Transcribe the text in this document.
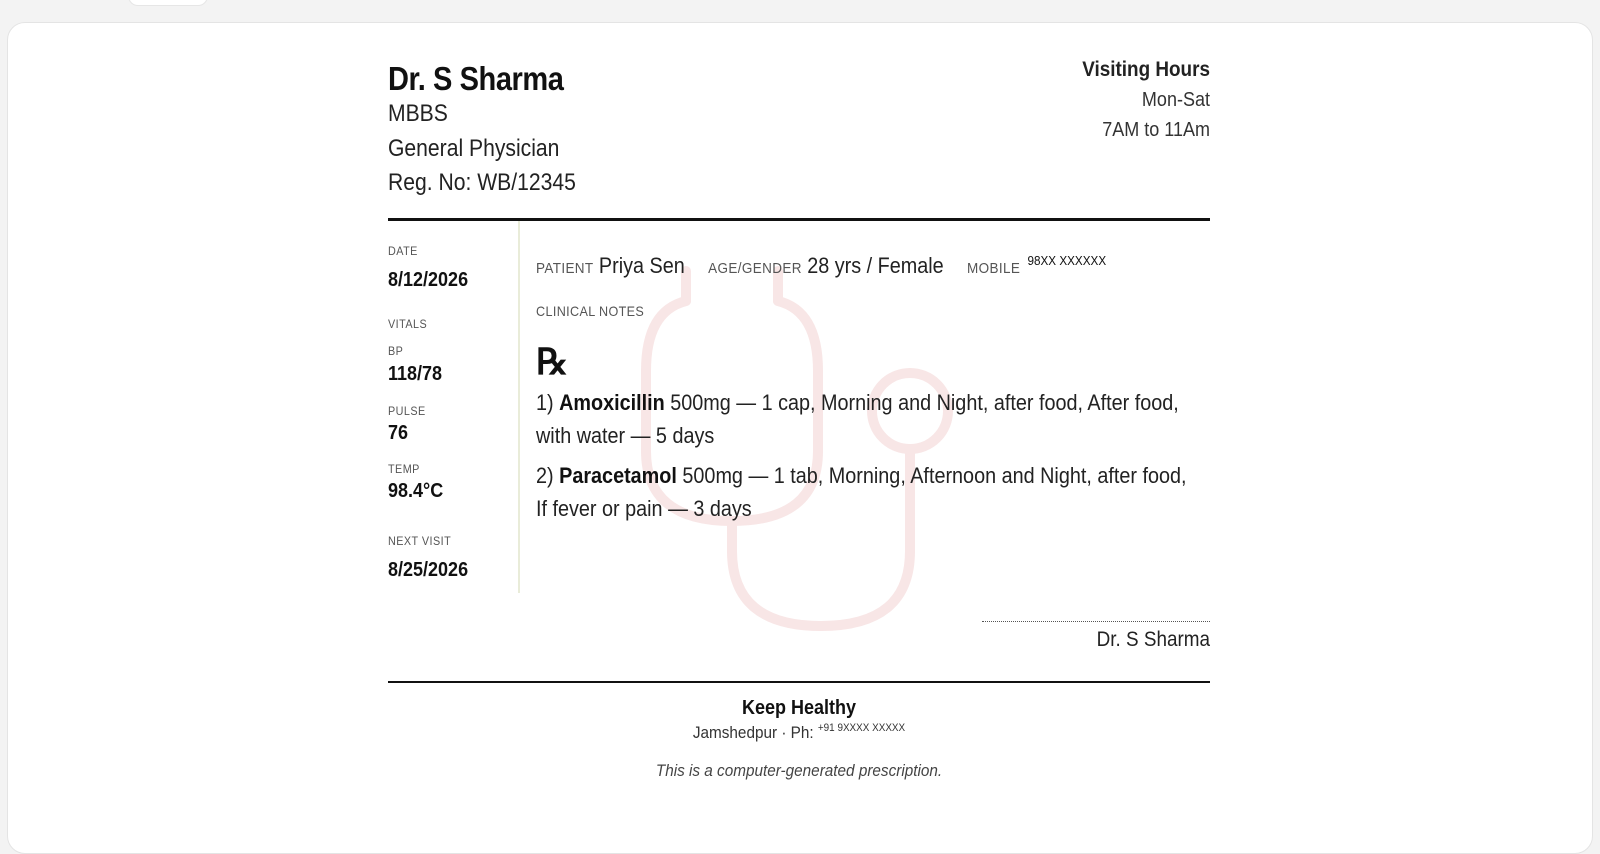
Dr. S Sharma
MBBS
General Physician
Reg. No: WB/12345
Visiting Hours
Mon-Sat
7AM to 11Am
DATE
8/12/2026
VITALS
BP
118/78
PULSE
76
TEMP
98.4°C
NEXT VISIT
8/25/2026
PATIENT Priya Sen AGE/GENDER 28 yrs / Female MOBILE $^{98XX XXXXXX}$
CLINICAL NOTES
℞
1) Amoxicillin 500mg — 1 cap, Morning and Night, after food, After food, with water — 5 days
2) Paracetamol 500mg — 1 tab, Morning, Afternoon and Night, after food, If fever or pain — 3 days
Dr. S Sharma
Keep Healthy
Jamshedpur · Ph: $^{+91 9XXXX XXXXX}$
This is a computer-generated prescription.
